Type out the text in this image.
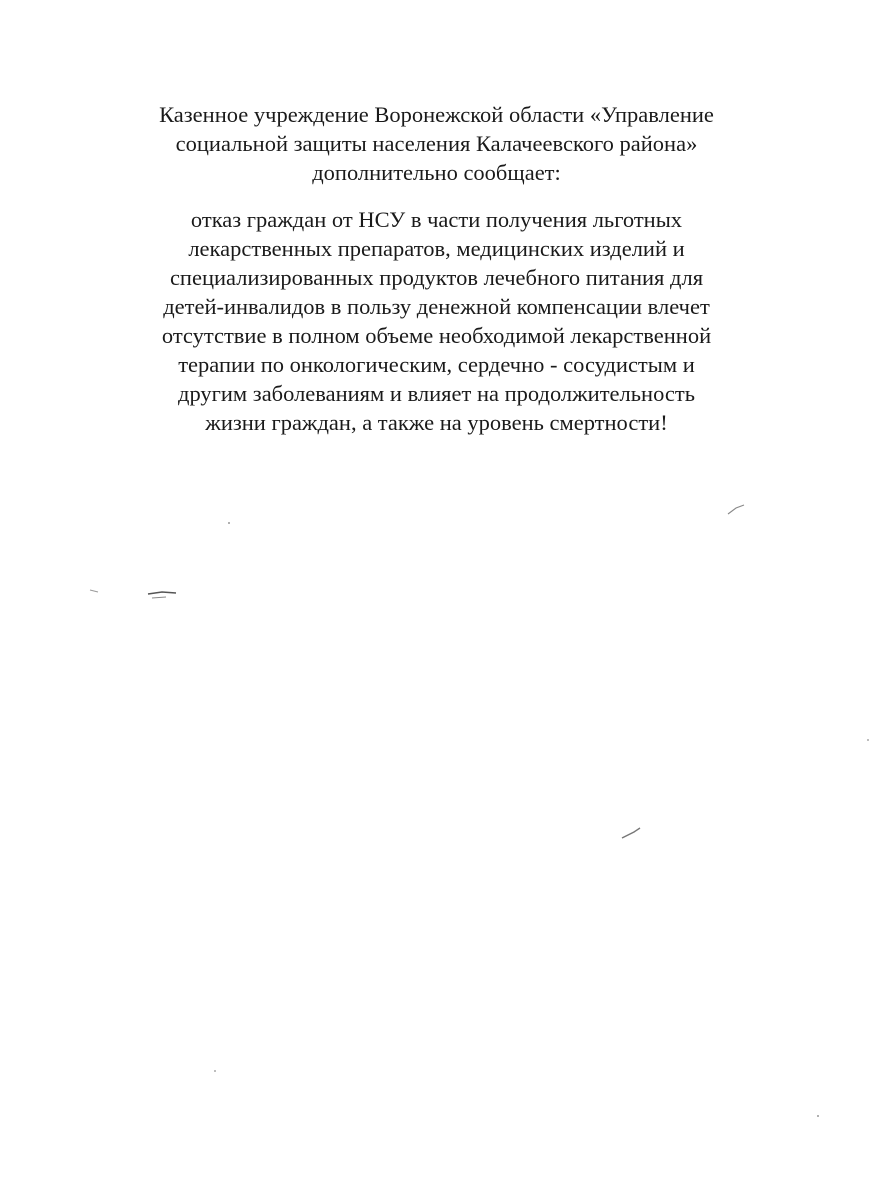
Казенное учреждение Воронежской области «Управление
социальной защиты населения Калачеевского района»
дополнительно сообщает:
отказ граждан от НСУ в части получения льготных
лекарственных препаратов, медицинских изделий и
специализированных продуктов лечебного питания для
детей-инвалидов в пользу денежной компенсации влечет
отсутствие в полном объеме необходимой лекарственной
терапии по онкологическим, сердечно - сосудистым и
другим заболеваниям и влияет на продолжительность
жизни граждан, а также на уровень смертности!
